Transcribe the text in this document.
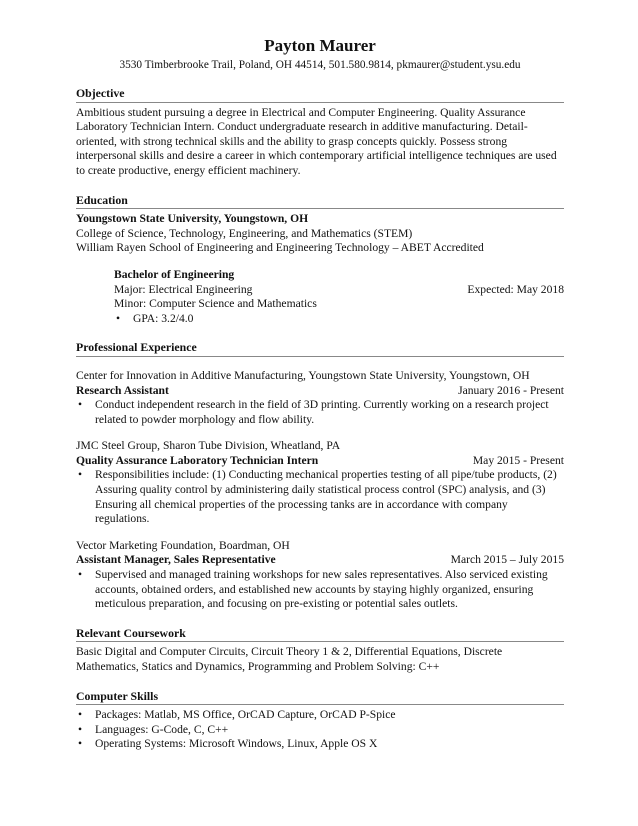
Payton Maurer
3530 Timberbrooke Trail, Poland, OH 44514, 501.580.9814, pkmaurer@student.ysu.edu
Objective
Ambitious student pursuing a degree in Electrical and Computer Engineering. Quality Assurance Laboratory Technician Intern. Conduct undergraduate research in additive manufacturing. Detail-oriented, with strong technical skills and the ability to grasp concepts quickly. Possess strong interpersonal skills and desire a career in which contemporary artificial intelligence techniques are used to create productive, energy efficient machinery.
Education
Youngstown State University, Youngstown, OH
College of Science, Technology, Engineering, and Mathematics (STEM)
William Rayen School of Engineering and Engineering Technology – ABET Accredited
Bachelor of Engineering
Major: Electrical Engineering	Expected: May 2018
Minor: Computer Science and Mathematics
• GPA: 3.2/4.0
Professional Experience
Center for Innovation in Additive Manufacturing, Youngstown State University, Youngstown, OH
Research Assistant	January 2016 - Present
• Conduct independent research in the field of 3D printing. Currently working on a research project related to powder morphology and flow ability.
JMC Steel Group, Sharon Tube Division, Wheatland, PA
Quality Assurance Laboratory Technician Intern	May 2015 - Present
• Responsibilities include: (1) Conducting mechanical properties testing of all pipe/tube products, (2) Assuring quality control by administering daily statistical process control (SPC) analysis, and (3) Ensuring all chemical properties of the processing tanks are in accordance with company regulations.
Vector Marketing Foundation, Boardman, OH
Assistant Manager, Sales Representative	March 2015 – July 2015
• Supervised and managed training workshops for new sales representatives. Also serviced existing accounts, obtained orders, and established new accounts by staying highly organized, ensuring meticulous preparation, and focusing on pre-existing or potential sales outlets.
Relevant Coursework
Basic Digital and Computer Circuits, Circuit Theory 1 & 2, Differential Equations, Discrete Mathematics, Statics and Dynamics, Programming and Problem Solving: C++
Computer Skills
• Packages: Matlab, MS Office, OrCAD Capture, OrCAD P-Spice
• Languages: G-Code, C, C++
• Operating Systems: Microsoft Windows, Linux, Apple OS X
